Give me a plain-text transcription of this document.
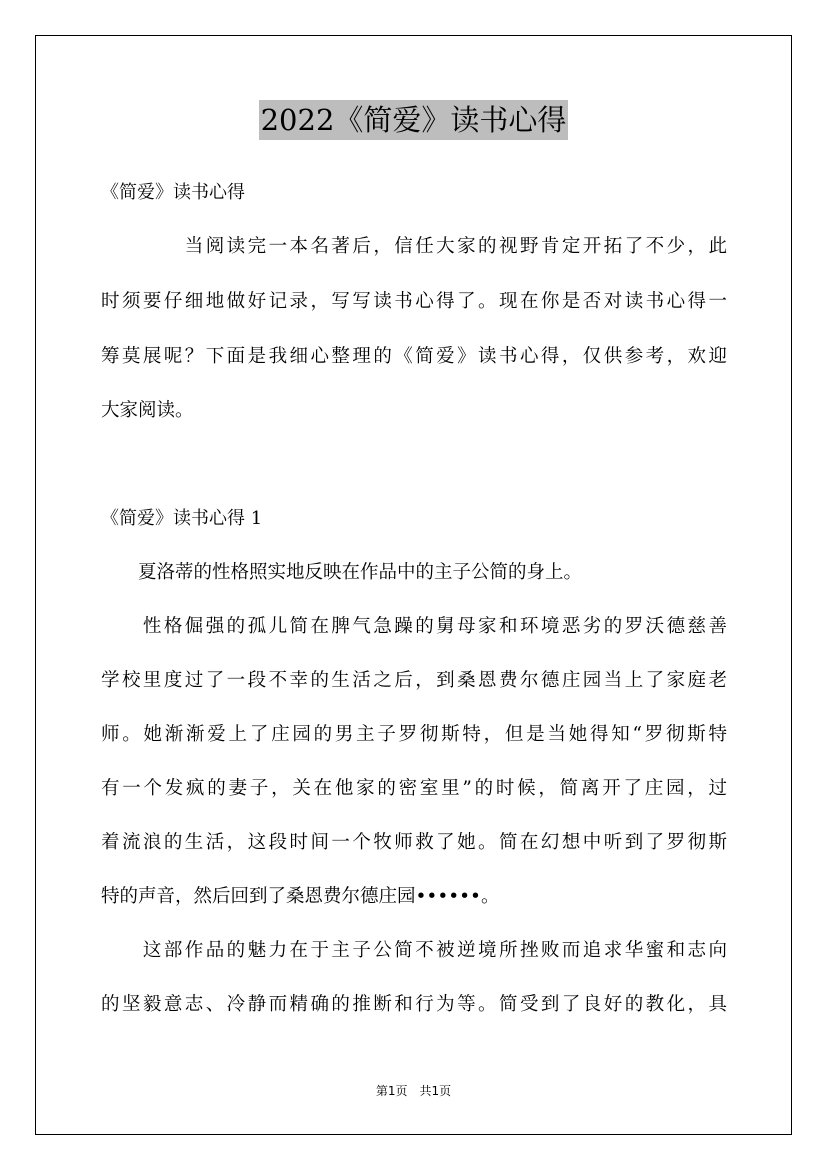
2022《简爱》读书心得
《简爱》读书心得
　　　　当阅读完一本名著后，信任大家的视野肯定开拓了不少，此
时须要仔细地做好记录，写写读书心得了。现在你是否对读书心得一
筹莫展呢？下面是我细心整理的《简爱》读书心得，仅供参考，欢迎
大家阅读。
《简爱》读书心得 1
　　夏洛蒂的性格照实地反映在作品中的主子公简的身上。
　　性格倔强的孤儿简在脾气急躁的舅母家和环境恶劣的罗沃德慈善
学校里度过了一段不幸的生活之后，到桑恩费尔德庄园当上了家庭老
师。她渐渐爱上了庄园的男主子罗彻斯特，但是当她得知“罗彻斯特
有一个发疯的妻子，关在他家的密室里”的时候，简离开了庄园，过
着流浪的生活，这段时间一个牧师救了她。简在幻想中听到了罗彻斯
特的声音，然后回到了桑恩费尔德庄园••••••。
　　这部作品的魅力在于主子公简不被逆境所挫败而追求华蜜和志向
的坚毅意志、冷静而精确的推断和行为等。简受到了良好的教化，具
第1页　共1页
